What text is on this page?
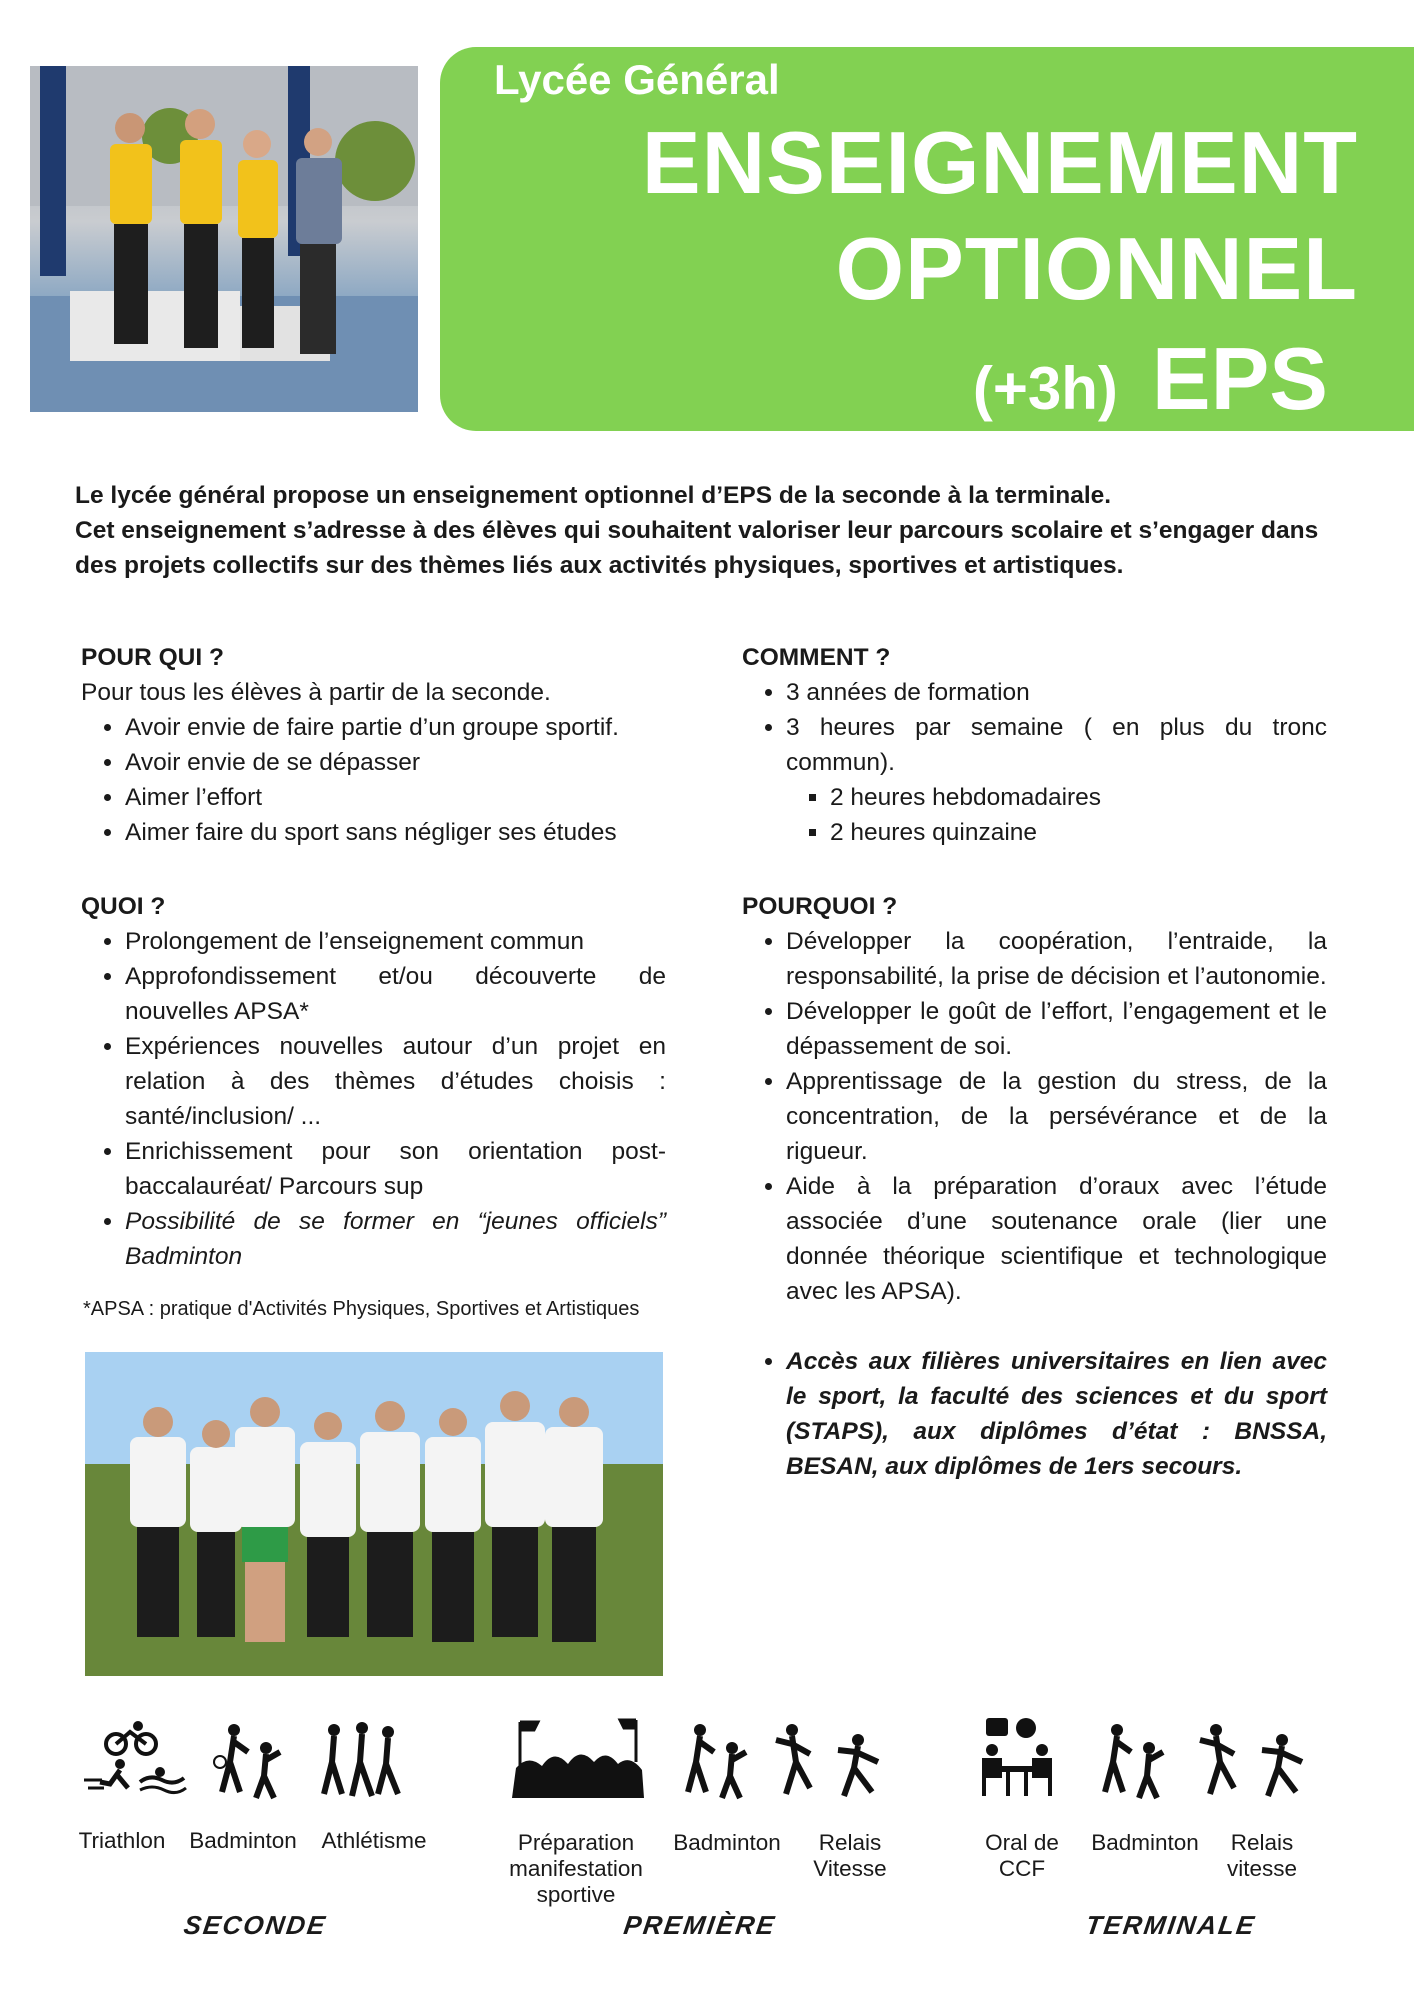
Lycée Général
ENSEIGNEMENT
OPTIONNEL
(+3h) EPS

Le lycée général propose un enseignement optionnel d’EPS de la seconde à la terminale.

Cet enseignement s’adresse à des élèves qui souhaitent valoriser leur parcours scolaire et s’engager dans des projets collectifs sur des thèmes liés aux activités physiques, sportives et artistiques.

POUR QUI ?

Pour tous les élèves à partir de la seconde.

• Avoir envie de faire partie d’un groupe sportif.
• Avoir envie de se dépasser
• Aimer l’effort
• Aimer faire du sport sans négliger ses études
QUOI ?
• Prolongement de l’enseignement commun
• Approfondissement et/ou découverte de nouvelles APSA*
• Expériences nouvelles autour d’un projet en relation à des thèmes d’études choisis : santé/inclusion/ ...
• Enrichissement pour son orientation post-baccalauréat/ Parcours sup
• Possibilité de se former en “jeunes officiels” Badminton
*APSA : pratique d'Activités Physiques, Sportives et Artistiques
COMMENT ?
• 3 années de formation
• 3 heures par semaine ( en plus du tronc commun).
▪ 2 heures hebdomadaires
▪ 2 heures quinzaine
POURQUOI ?
• Développer la coopération, l’entraide, la responsabilité, la prise de décision et l’autonomie.
• Développer le goût de l’effort, l’engagement et le dépassement de soi.
• Apprentissage de la gestion du stress, de la concentration, de la persévérance et de la rigueur.
• Aide à la préparation d’oraux avec l’étude associée d’une soutenance orale (lier une donnée théorique scientifique et technologique avec les APSA).
• Accès aux filières universitaires en lien avec le sport, la faculté des sciences et du sport (STAPS), aux diplômes d’état : BNSSA, BESAN, aux diplômes de 1ers secours.
Triathlon	Badminton	Athlétisme	Préparation manifestation sportive
Badminton	Relais Vitesse
Oral de CCF
Badminton	Relais vitesse
SECONDE	PREMIÈRE	TERMINALE
